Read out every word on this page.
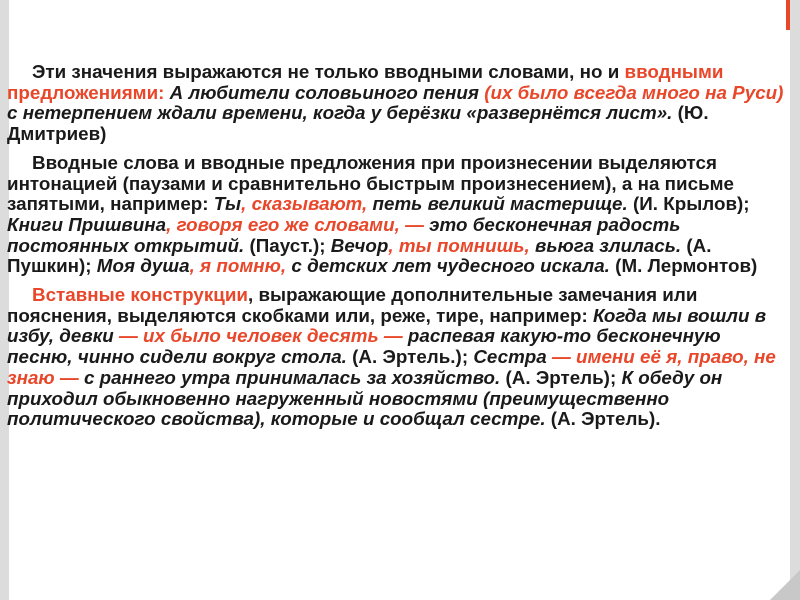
Эти значения выражаются не только вводными словами, но и вводными предложениями: А любители соловьиного пения (их было всегда много на Руси) с нетерпением ждали времени, когда у берёзки «развернётся лист». (Ю. Дмитриев)

Вводные слова и вводные предложения при произнесении выделяются интонацией (паузами и сравнительно быстрым произнесением), а на письме запятыми, например: Ты, сказывают, петь великий мастерище. (И. Крылов); Книги Пришвина, говоря его же словами, — это бесконечная радость постоянных открытий. (Пауст.); Вечор, ты помнишь, вьюга злилась. (А. Пушкин); Моя душа, я помню, с детских лет чудесного искала. (М. Лермонтов)

Вставные конструкции, выражающие дополнительные замечания или пояснения, выделяются скобками или, реже, тире, например: Когда мы вошли в избу, девки — их было человек десять — распевая какую-то бесконечную песню, чинно сидели вокруг стола. (А. Эртель.); Сестра — имени её я, право, не знаю — с раннего утра принималась за хозяйство. (А. Эртель); К обеду он приходил обыкновенно нагруженный новостями (преимущественно политического свойства), которые и сообщал сестре. (А. Эртель).
